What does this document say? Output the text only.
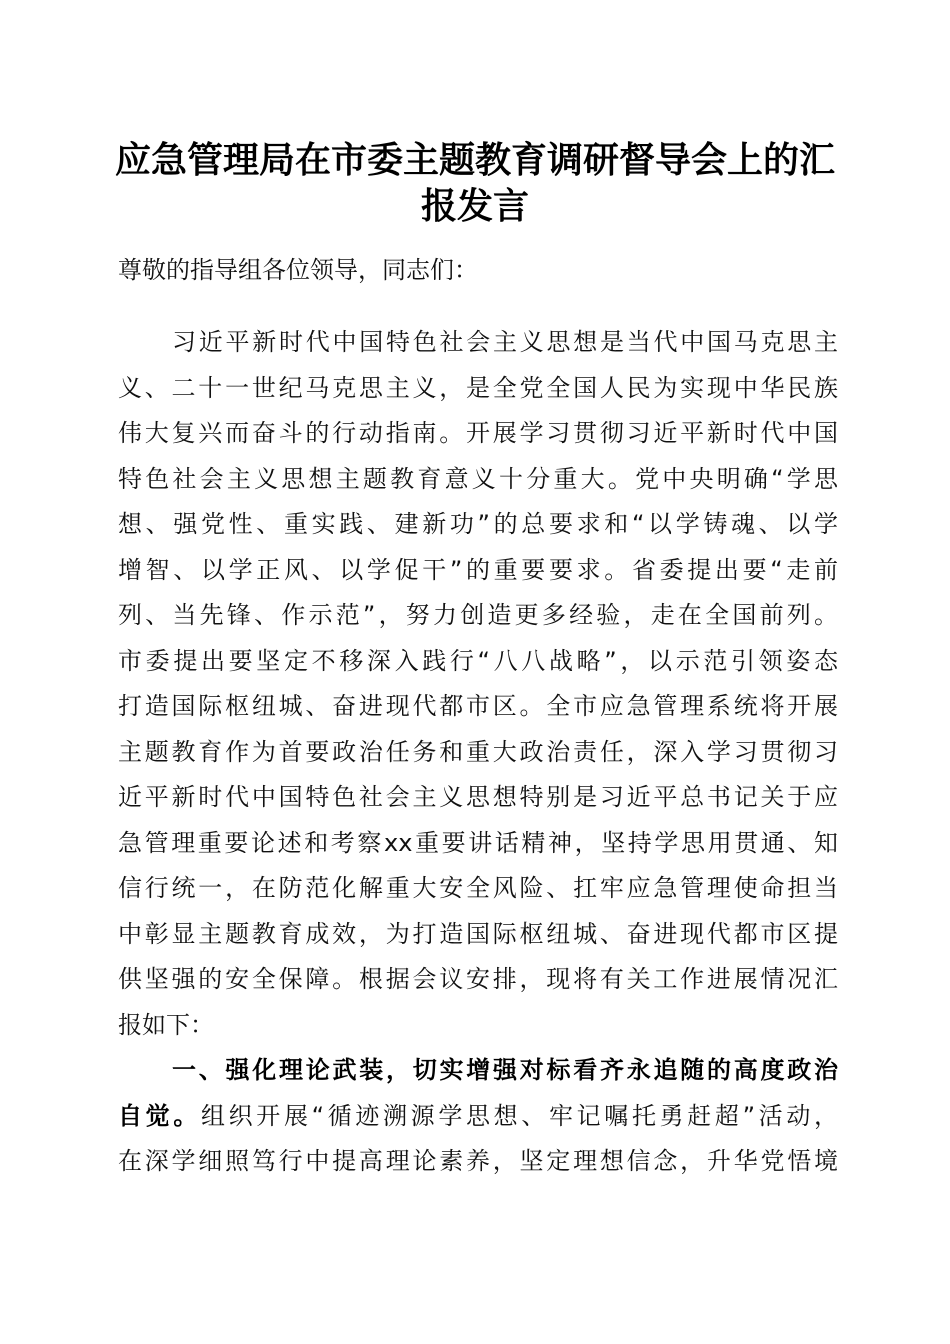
应急管理局在市委主题教育调研督导会上的汇
报发言
尊敬的指导组各位领导，同志们：
习近平新时代中国特色社会主义思想是当代中国马克思主
义、二十一世纪马克思主义，是全党全国人民为实现中华民族
伟大复兴而奋斗的行动指南。开展学习贯彻习近平新时代中国
特色社会主义思想主题教育意义十分重大。党中央明确“学思
想、强党性、重实践、建新功”的总要求和“以学铸魂、以学
增智、以学正风、以学促干”的重要要求。省委提出要“走前
列、当先锋、作示范”，努力创造更多经验，走在全国前列。
市委提出要坚定不移深入践行“八八战略”，以示范引领姿态
打造国际枢纽城、奋进现代都市区。全市应急管理系统将开展
主题教育作为首要政治任务和重大政治责任，深入学习贯彻习
近平新时代中国特色社会主义思想特别是习近平总书记关于应
急管理重要论述和考察xx重要讲话精神，坚持学思用贯通、知
信行统一，在防范化解重大安全风险、扛牢应急管理使命担当
中彰显主题教育成效，为打造国际枢纽城、奋进现代都市区提
供坚强的安全保障。根据会议安排，现将有关工作进展情况汇
报如下：
一、强化理论武装，切实增强对标看齐永追随的高度政治
自觉。组织开展“循迹溯源学思想、牢记嘱托勇赶超”活动，
在深学细照笃行中提高理论素养，坚定理想信念，升华党悟境
